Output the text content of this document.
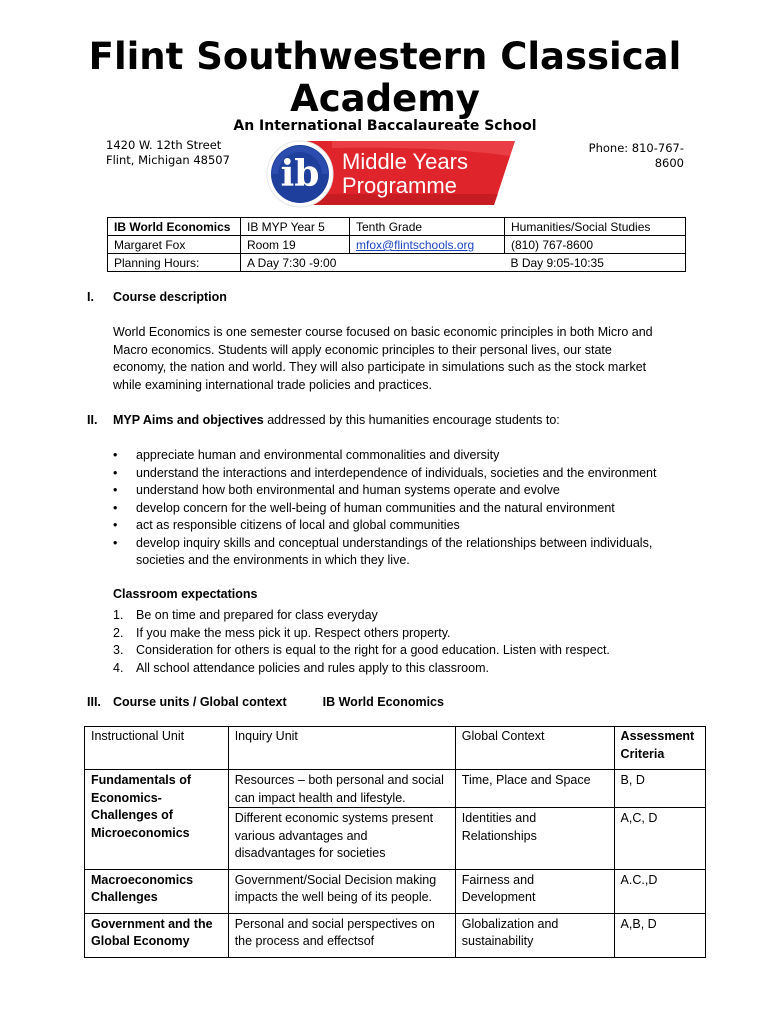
Flint Southwestern Classical
Academy
An International Baccalaureate School
1420 W. 12th Street
Flint, Michigan 48507
Phone: 810-767-
8600
ib Middle Years
Programme
IB World Economics	IB MYP Year 5	Tenth Grade	Humanities/Social Studies
Margaret Fox	Room 19	mfox@flintschools.org	(810) 767-8600
Planning Hours:	A Day 7:30 -9:00		B Day 9:05-10:35
I. Course description
World Economics is one semester course focused on basic economic principles in both Micro and
Macro economics. Students will apply economic principles to their personal lives, our state
economy, the nation and world. They will also participate in simulations such as the stock market
while examining international trade policies and practices.
II. MYP Aims and objectives addressed by this humanities encourage students to:
• appreciate human and environmental commonalities and diversity
• understand the interactions and interdependence of individuals, societies and the environment
• understand how both environmental and human systems operate and evolve
• develop concern for the well-being of human communities and the natural environment
• act as responsible citizens of local and global communities
• develop inquiry skills and conceptual understandings of the relationships between individuals,
societies and the environments in which they live.
Classroom expectations
1. Be on time and prepared for class everyday
2. If you make the mess pick it up. Respect others property.
3. Consideration for others is equal to the right for a good education. Listen with respect.
4. All school attendance policies and rules apply to this classroom.
III. Course units / Global context	IB World Economics
Instructional Unit	Inquiry Unit	Global Context	Assessment Criteria

Fundamentals of
Economics-
Challenges of
Microeconomics	Resources – both personal and social can impact health and lifestyle.	Time, Place and Space	B, D
	Different economic systems present various advantages and disadvantages for societies	Identities and Relationships	A,C, D
Macroeconomics Challenges	Government/Social Decision making impacts the well being of its people.	Fairness and Development	A.C.,D
Government and the Global Economy	Personal and social perspectives on the process and effectsof	Globalization and sustainability	A,B, D
